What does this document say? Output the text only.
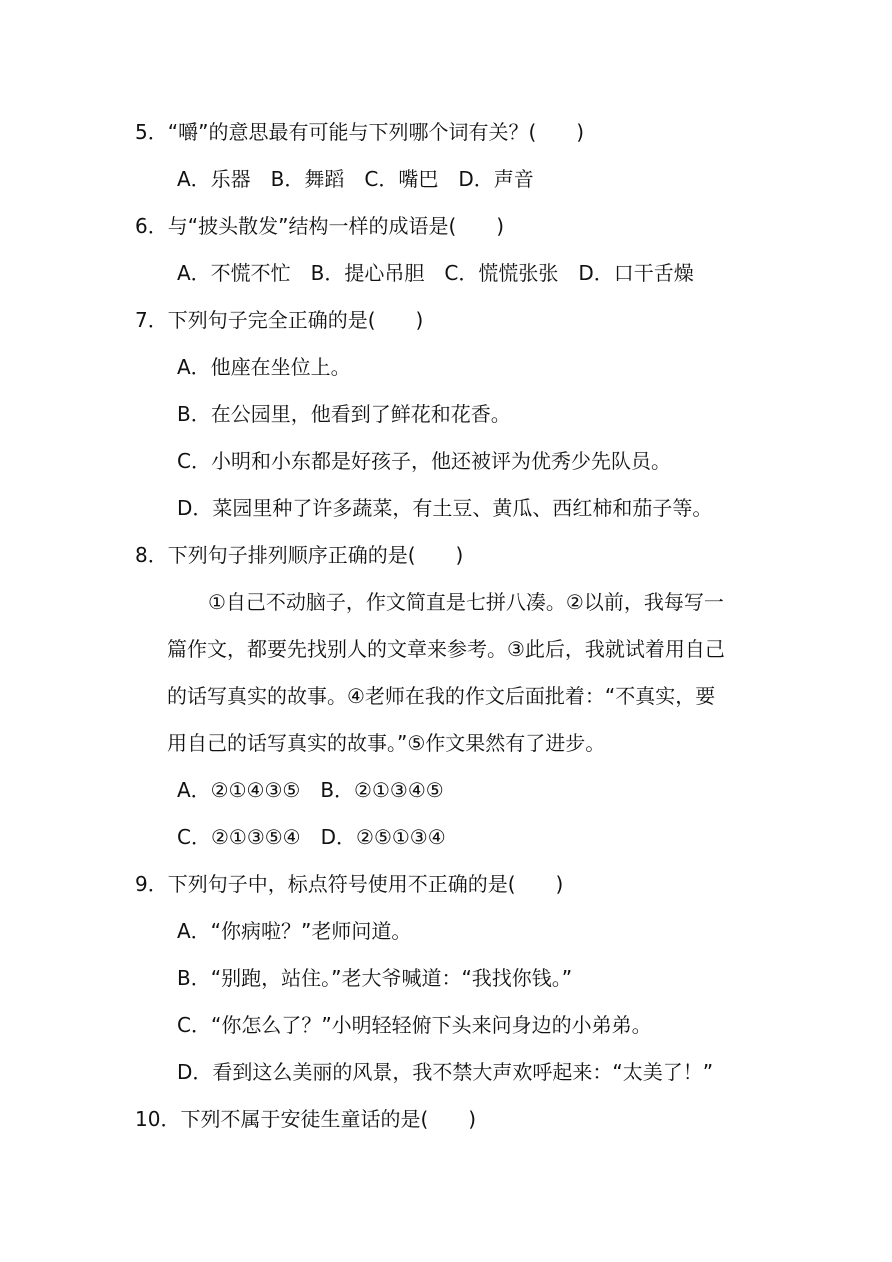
5．“嚼”的意思最有可能与下列哪个词有关？(　　)
A．乐器　B．舞蹈　C．嘴巴　D．声音
6．与“披头散发”结构一样的成语是(　　)
A．不慌不忙　B．提心吊胆　C．慌慌张张　D．口干舌燥
7．下列句子完全正确的是(　　)
A．他座在坐位上。
B．在公园里，他看到了鲜花和花香。
C．小明和小东都是好孩子，他还被评为优秀少先队员。
D．菜园里种了许多蔬菜，有土豆、黄瓜、西红柿和茄子等。
8．下列句子排列顺序正确的是(　　)
①自己不动脑子，作文简直是七拼八凑。②以前，我每写一
篇作文，都要先找别人的文章来参考。③此后，我就试着用自己
的话写真实的故事。④老师在我的作文后面批着：“不真实，要
用自己的话写真实的故事。”⑤作文果然有了进步。
A．②①④③⑤　B．②①③④⑤
C．②①③⑤④　D．②⑤①③④
9．下列句子中，标点符号使用不正确的是(　　)
A．“你病啦？”老师问道。
B．“别跑，站住。”老大爷喊道：“我找你钱。”
C．“你怎么了？”小明轻轻俯下头来问身边的小弟弟。
D．看到这么美丽的风景，我不禁大声欢呼起来：“太美了！”
10．下列不属于安徒生童话的是(　　)
